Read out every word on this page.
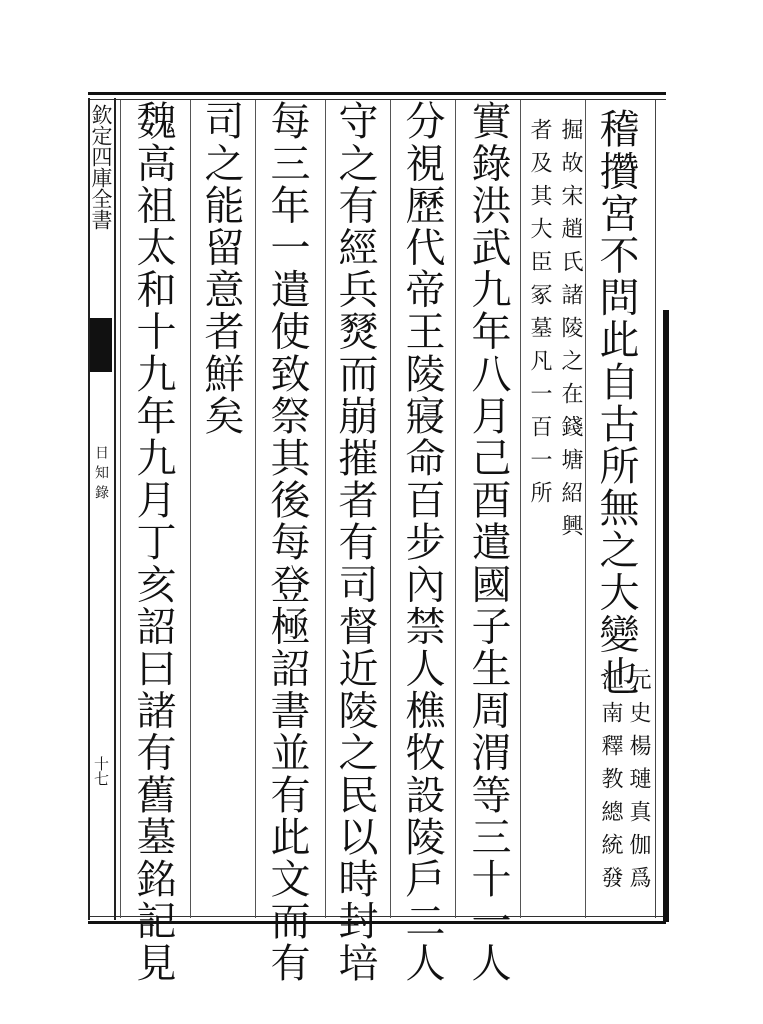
欽定四庫全書
日知錄
十七
稽攢宮不問此自古所無之大變也
元史楊璉真伽爲
江南釋教總統發
掘故宋趙氏諸陵之在錢塘紹興
者及其大臣冢墓凡一百一所
實錄洪武九年八月己酉遣國子生周渭等三十一人
分視歷代帝王陵寢命百步內禁人樵牧設陵戶二人
守之有經兵燹而崩摧者有司督近陵之民以時封培
每三年一遣使致祭其後每登極詔書並有此文而有
司之能留意者鮮矣
魏高祖太和十九年九月丁亥詔曰諸有舊墓銘記見
